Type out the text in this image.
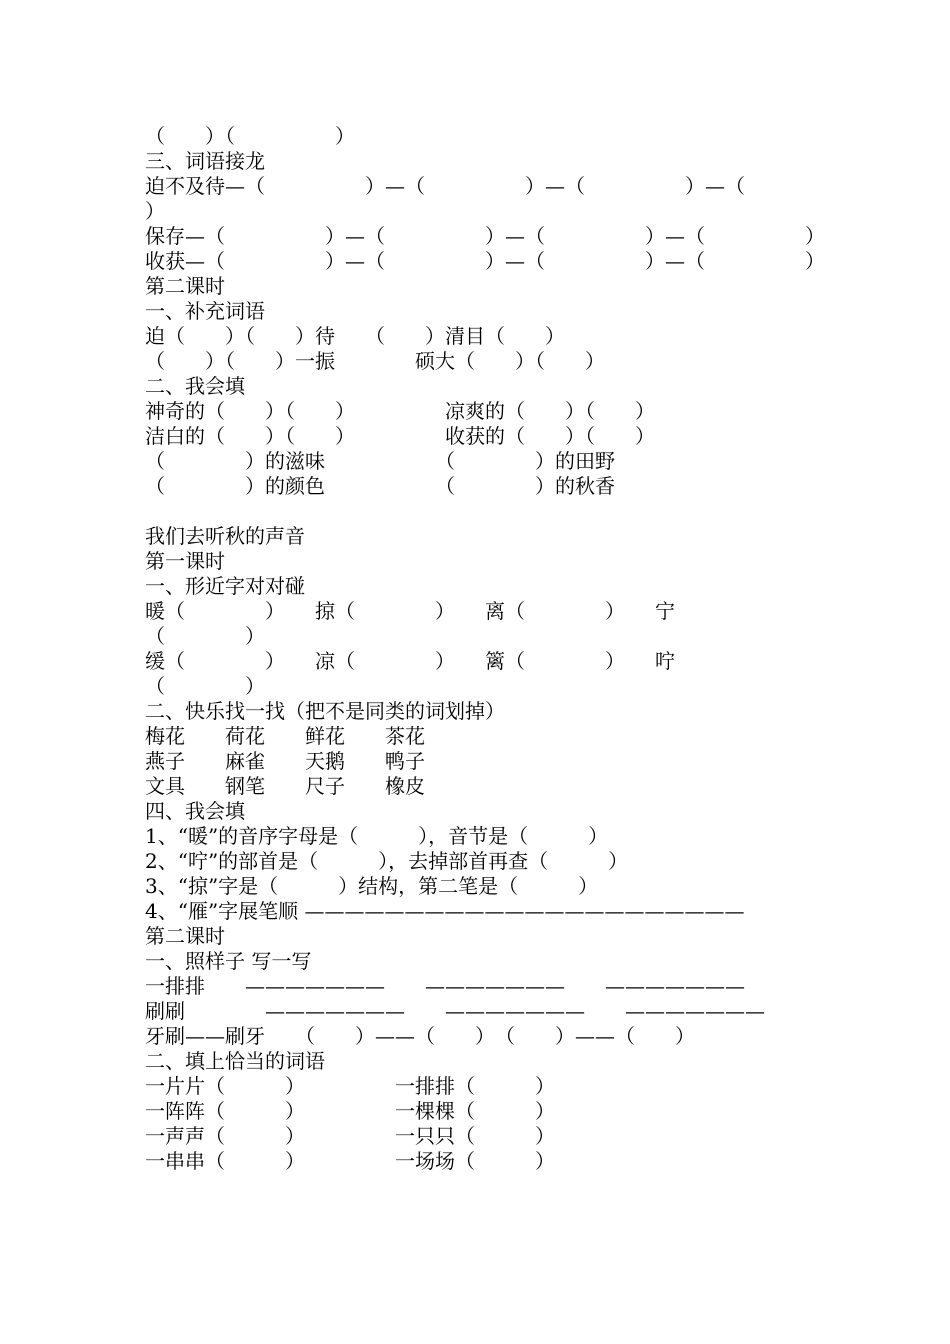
（　　）（　　　　　）
三、词语接龙
迫不及待—（　　　　　）—（　　　　　）—（　　　　　）—（
）
保存—（　　　　　）—（　　　　　）—（　　　　　）—（　　　　　）
收获—（　　　　　）—（　　　　　）—（　　　　　）—（　　　　　）
第二课时
一、补充词语
迫（　　）（　　）待　　（　　）清目（　　）
（　　）（　　）一振　　　　硕大（　　）（　　）
二、我会填
神奇的（　　）（　　）　　　　　凉爽的（　　）（　　）
洁白的（　　）（　　）　　　　　收获的（　　）（　　）
（　　　　）的滋味　　　　　　（　　　　）的田野
（　　　　）的颜色　　　　　　（　　　　）的秋香
我们去听秋的声音
第一课时
一、形近字对对碰
暖（　　　　）　　掠（　　　　）　　离（　　　　）　　宁
（　　　　）
缓（　　　　）　　凉（　　　　）　　篱（　　　　）　　咛
（　　　　）
二、快乐找一找（把不是同类的词划掉）
梅花　　荷花　　鲜花　　茶花
燕子　　麻雀　　天鹅　　鸭子
文具　　钢笔　　尺子　　橡皮
四、我会填
1、“暖”的音序字母是（　　　），音节是（　　　）
2、“咛”的部首是（　　　），去掉部首再查（　　　）
3、“掠”字是（　　　）结构，第二笔是（　　　）
4、“雁”字展笔顺 ——————————————————————
第二课时
一、照样子 写一写
一排排　　———————　　———————　　———————
刷刷　　　　———————　　———————　　———————
牙刷——刷牙　　（　　）——（　　）　（　　）——（　　）
二、填上恰当的词语
一片片（　　　）　　　　　一排排（　　　）
一阵阵（　　　）　　　　　一棵棵（　　　）
一声声（　　　）　　　　　一只只（　　　）
一串串（　　　）　　　　　一场场（　　　）
